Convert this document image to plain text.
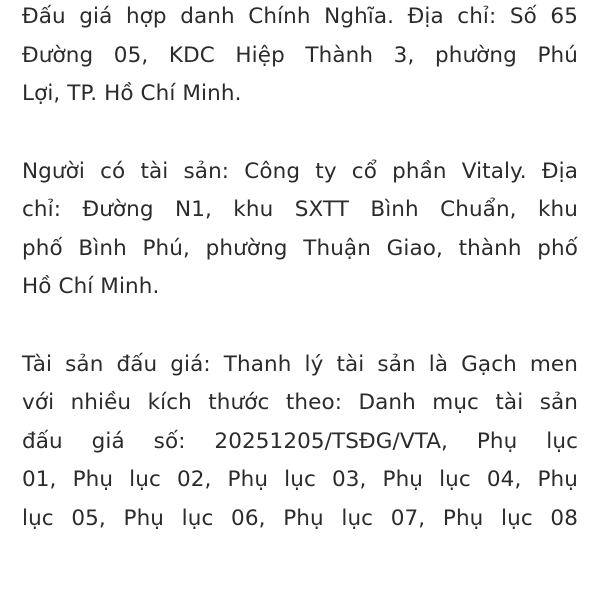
Đấu giá hợp danh Chính Nghĩa. Địa chỉ: Số 65
Đường 05, KDC Hiệp Thành 3, phường Phú
Lợi, TP. Hồ Chí Minh.

Người có tài sản: Công ty cổ phần Vitaly. Địa
chỉ: Đường N1, khu SXTT Bình Chuẩn, khu
phố Bình Phú, phường Thuận Giao, thành phố
Hồ Chí Minh.

Tài sản đấu giá: Thanh lý tài sản là Gạch men
với nhiều kích thước theo: Danh mục tài sản
đấu giá số: 20251205/TSĐG/VTA, Phụ lục
01, Phụ lục 02, Phụ lục 03, Phụ lục 04, Phụ
lục 05, Phụ lục 06, Phụ lục 07, Phụ lục 08
